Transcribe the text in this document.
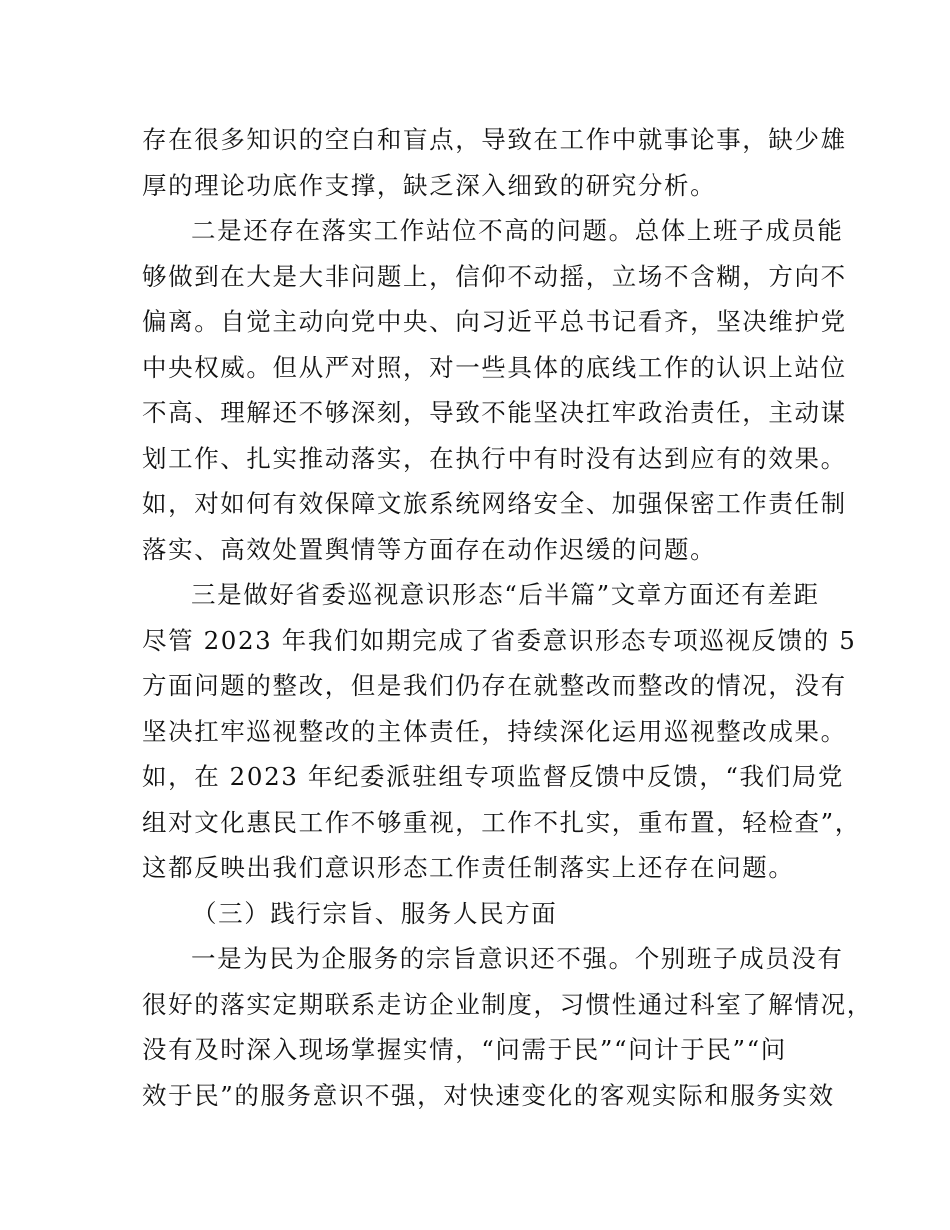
存在很多知识的空白和盲点，导致在工作中就事论事，缺少雄
厚的理论功底作支撑，缺乏深入细致的研究分析。
二是还存在落实工作站位不高的问题。总体上班子成员能
够做到在大是大非问题上，信仰不动摇，立场不含糊，方向不
偏离。自觉主动向党中央、向习近平总书记看齐，坚决维护党
中央权威。但从严对照，对一些具体的底线工作的认识上站位
不高、理解还不够深刻，导致不能坚决扛牢政治责任，主动谋
划工作、扎实推动落实，在执行中有时没有达到应有的效果。
如，对如何有效保障文旅系统网络安全、加强保密工作责任制
落实、高效处置舆情等方面存在动作迟缓的问题。
三是做好省委巡视意识形态“后半篇”文章方面还有差距
尽管 2023 年我们如期完成了省委意识形态专项巡视反馈的 5
方面问题的整改，但是我们仍存在就整改而整改的情况，没有
坚决扛牢巡视整改的主体责任，持续深化运用巡视整改成果。
如，在 2023 年纪委派驻组专项监督反馈中反馈，“我们局党
组对文化惠民工作不够重视，工作不扎实，重布置，轻检查”，
这都反映出我们意识形态工作责任制落实上还存在问题。
（三）践行宗旨、服务人民方面
一是为民为企服务的宗旨意识还不强。个别班子成员没有
很好的落实定期联系走访企业制度，习惯性通过科室了解情况，
没有及时深入现场掌握实情，“问需于民”“问计于民”“问
效于民”的服务意识不强，对快速变化的客观实际和服务实效
